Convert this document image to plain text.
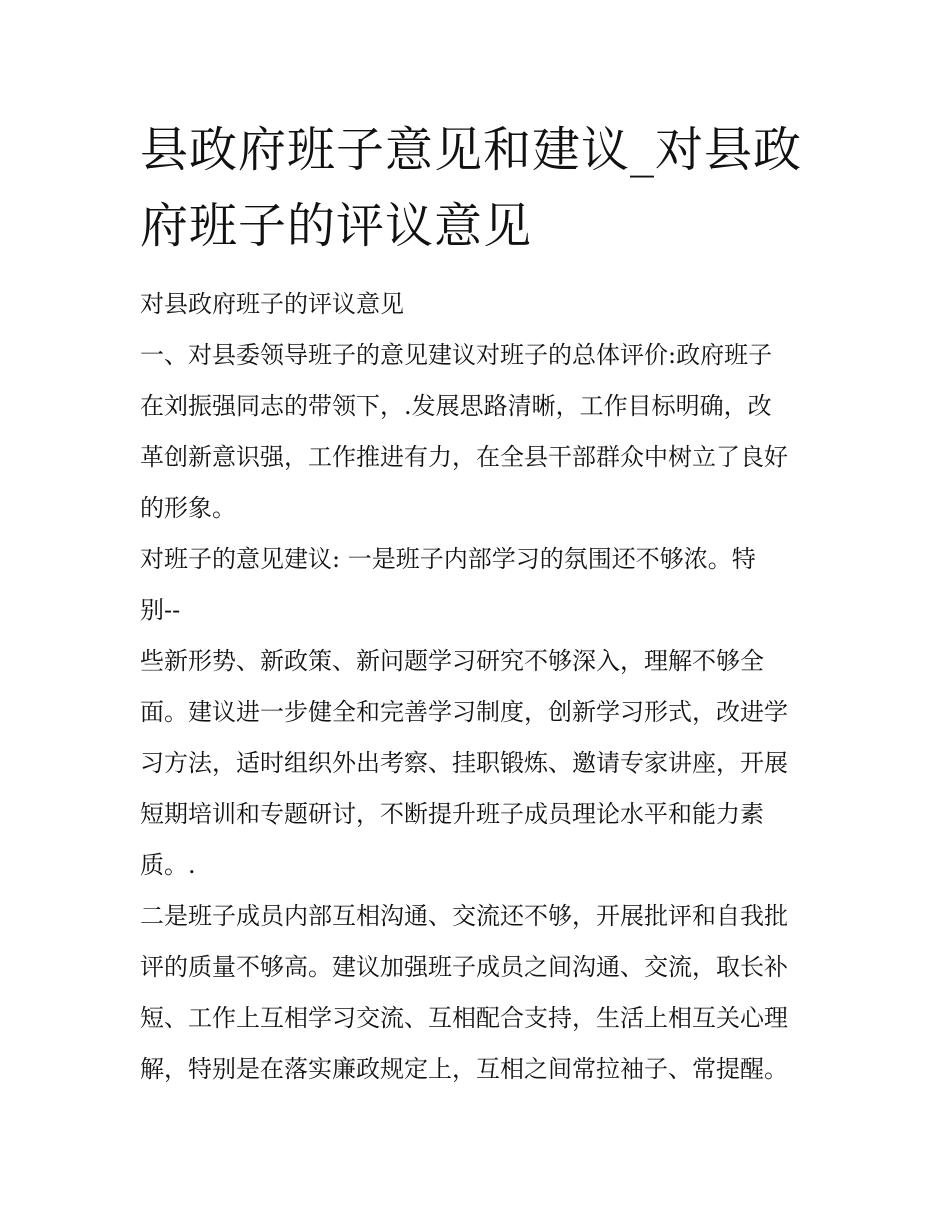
县政府班子意见和建议_对县政
府班子的评议意见
对县政府班子的评议意见
一、对县委领导班子的意见建议对班子的总体评价:政府班子
在刘振强同志的带领下，.发展思路清晰，工作目标明确，改
革创新意识强，工作推进有力，在全县干部群众中树立了良好
的形象。
对班子的意见建议: 一是班子内部学习的氛围还不够浓。特
别--
些新形势、新政策、新问题学习研究不够深入，理解不够全
面。建议进一步健全和完善学习制度，创新学习形式，改进学
习方法，适时组织外出考察、挂职锻炼、邀请专家讲座，开展
短期培训和专题研讨，不断提升班子成员理论水平和能力素
质。.
二是班子成员内部互相沟通、交流还不够，开展批评和自我批
评的质量不够高。建议加强班子成员之间沟通、交流，取长补
短、工作上互相学习交流、互相配合支持，生活上相互关心理
解，特别是在落实廉政规定上，互相之间常拉袖子、常提醒。
